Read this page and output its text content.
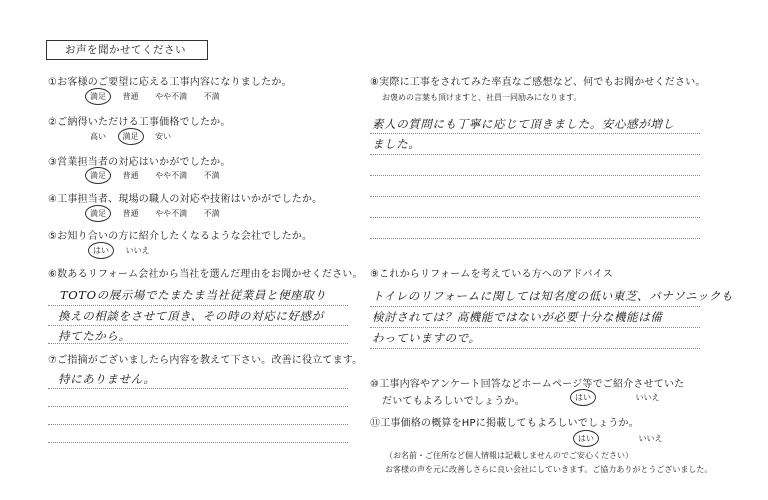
お声を聞かせてください
①お客様のご要望に応える工事内容になりましたか。
満足 普通 やや不満 不満
②ご納得いただける工事価格でしたか。
高い 満足 安い
③営業担当者の対応はいかがでしたか。
満足 普通 やや不満 不満
④工事担当者、現場の職人の対応や技術はいかがでしたか。
満足 普通 やや不満 不満
⑤お知り合いの方に紹介したくなるような会社でしたか。
はい いいえ
⑥数あるリフォーム会社から当社を選んだ理由をお聞かせください。
TOTOの展示場でたまたま当社従業員と便座取り
換えの相談をさせて頂き、その時の対応に好感が
持てたから。
⑦ご指摘がございましたら内容を教えて下さい。改善に役立てます。
特にありません。
⑧実際に工事をされてみた率直なご感想など、何でもお聞かせください。
お褒めの言葉も頂けますと、社員一同励みになります。
素人の質問にも丁寧に応じて頂きました。安心感が増し
ました。
⑨これからリフォームを考えている方へのアドバイス
トイレのリフォームに関しては知名度の低い東芝、パナソニックも
検討されては？高機能ではないが必要十分な機能は備
わっていますので。
⑩工事内容やアンケート回答などホームページ等でご紹介させていた
だいてもよろしいでしょうか。	はい	いいえ
⑪工事価格の概算をHPに掲載してもよろしいでしょうか。
はい	いいえ
（お名前・ご住所など個人情報は記載しませんのでご安心ください）
お客様の声を元に改善しさらに良い会社にしていきます。ご協力ありがとうございました。
